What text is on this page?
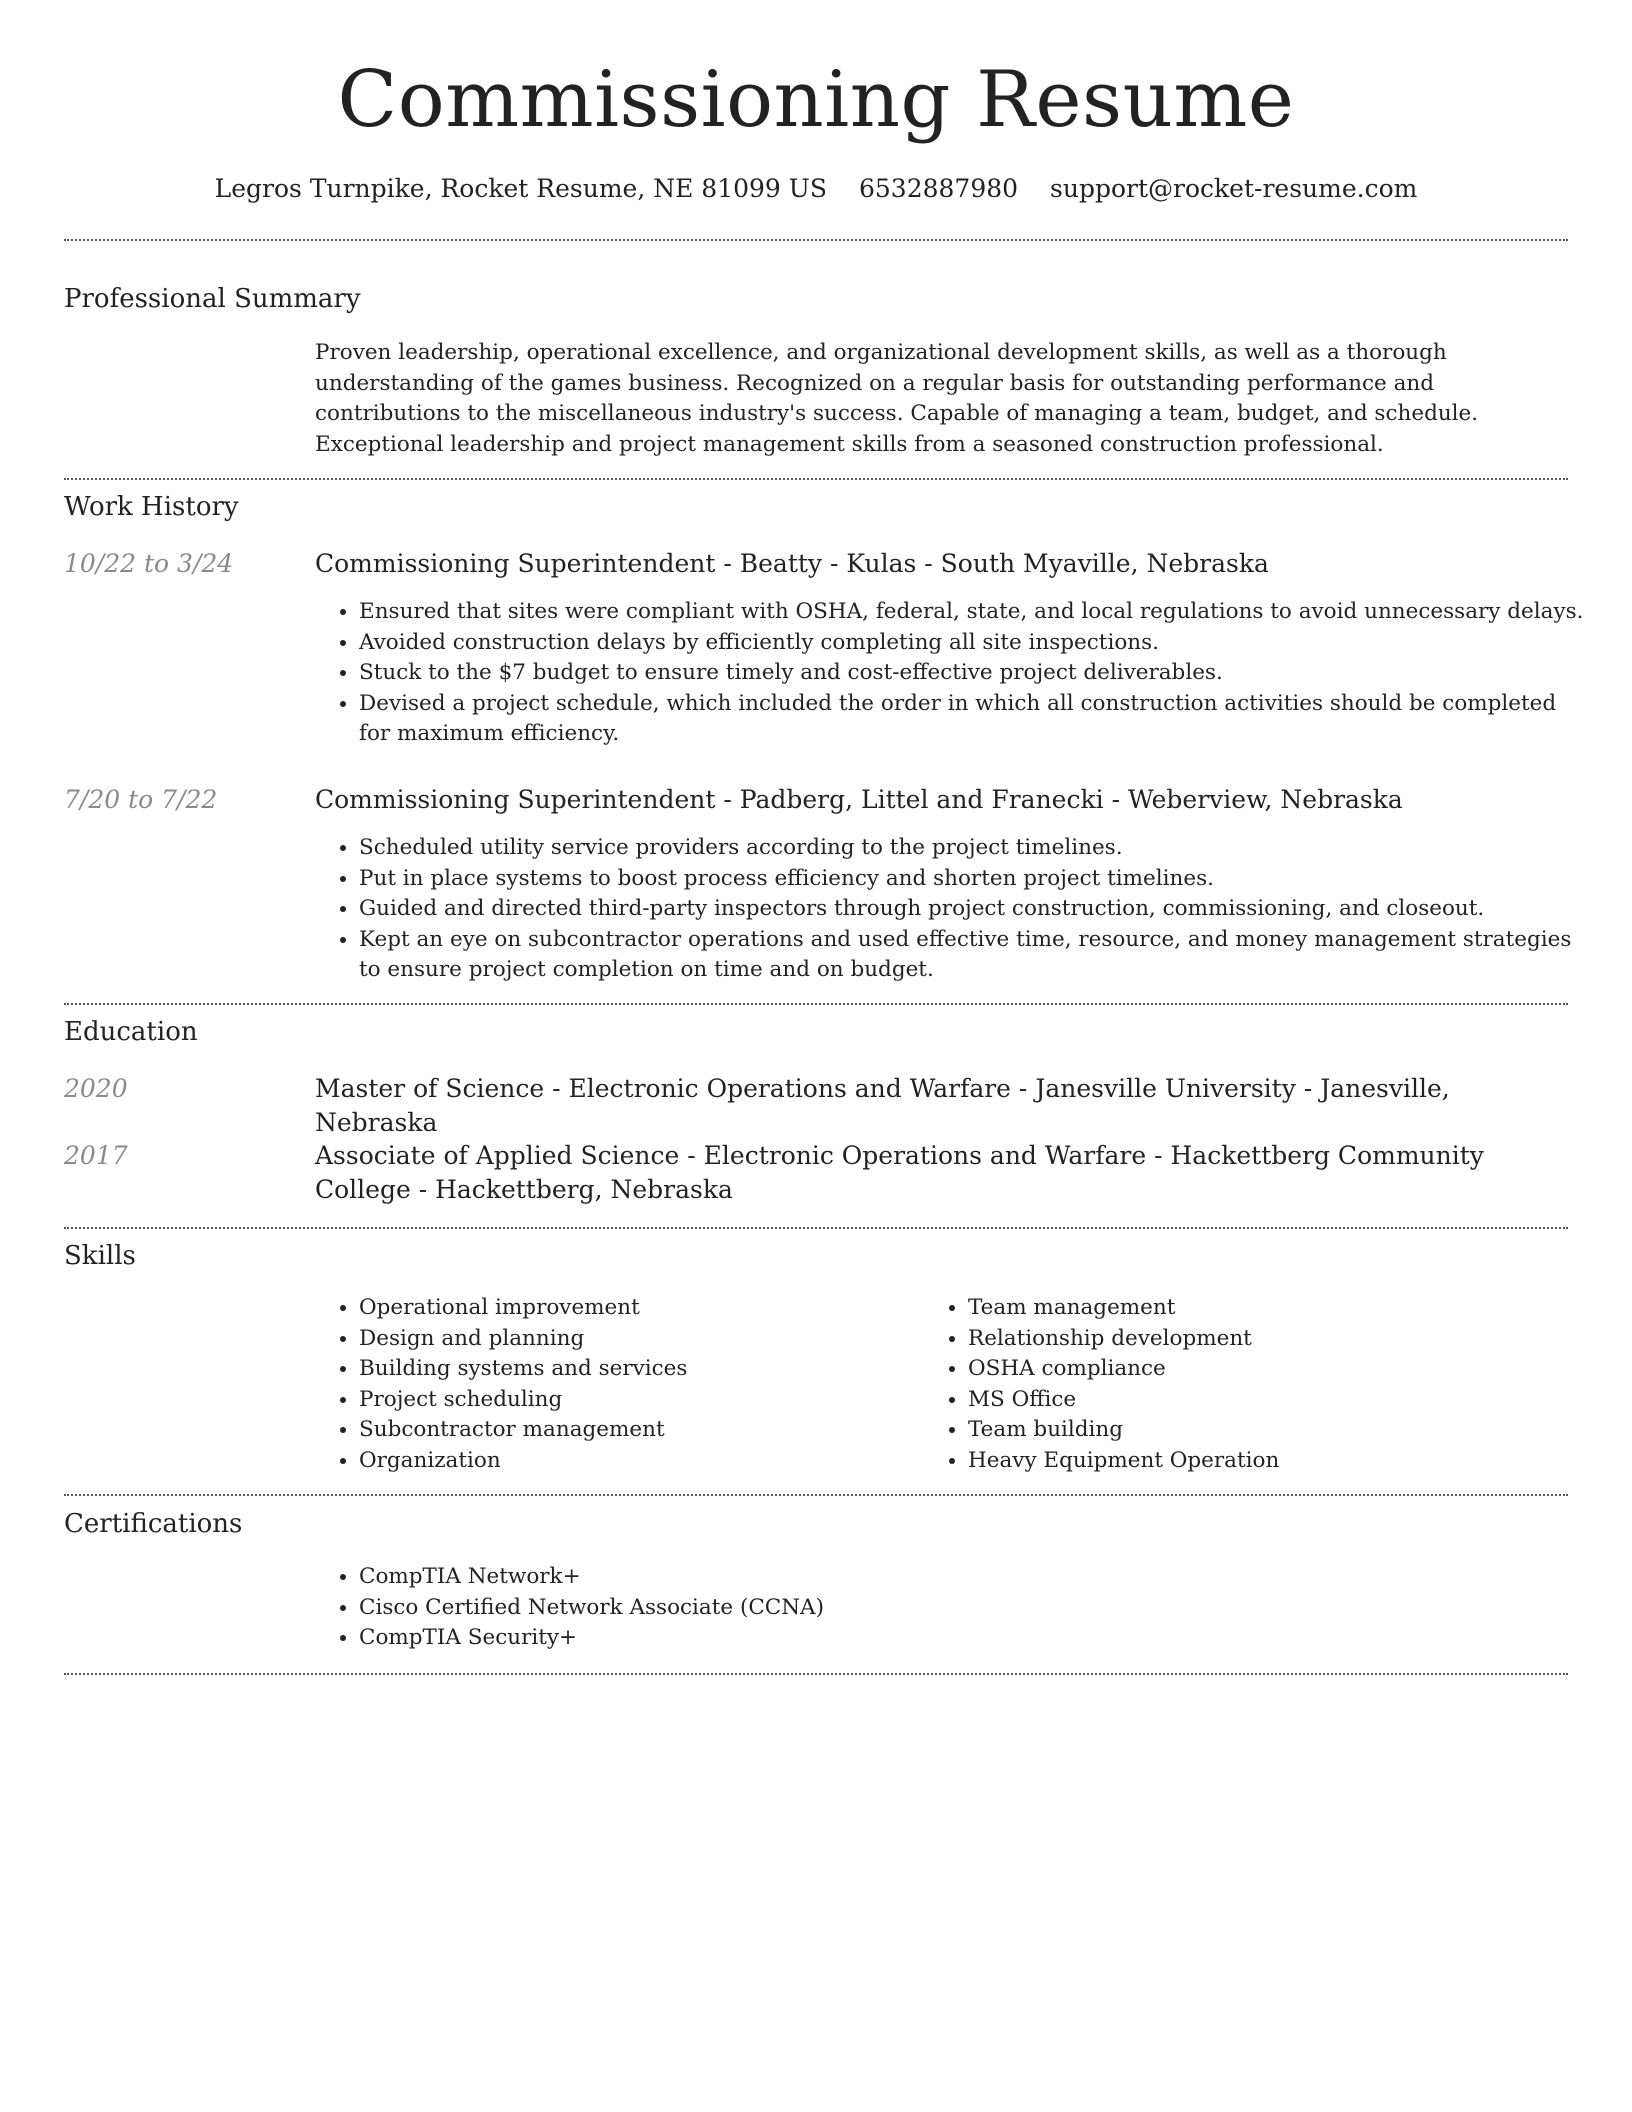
Commissioning Resume
Legros Turnpike, Rocket Resume, NE 81099 US 6532887980 support@rocket-resume.com
Professional Summary
Proven leadership, operational excellence, and organizational development skills, as well as a thorough understanding of the games business. Recognized on a regular basis for outstanding performance and contributions to the miscellaneous industry's success. Capable of managing a team, budget, and schedule. Exceptional leadership and project management skills from a seasoned construction professional.
Work History
10/22 to 3/24	Commissioning Superintendent - Beatty - Kulas - South Myaville, Nebraska
• Ensured that sites were compliant with OSHA, federal, state, and local regulations to avoid unnecessary delays.
• Avoided construction delays by efficiently completing all site inspections.
• Stuck to the $7 budget to ensure timely and cost-effective project deliverables.
• Devised a project schedule, which included the order in which all construction activities should be completed for maximum efficiency.
7/20 to 7/22	Commissioning Superintendent - Padberg, Littel and Franecki - Weberview, Nebraska
• Scheduled utility service providers according to the project timelines.
• Put in place systems to boost process efficiency and shorten project timelines.
• Guided and directed third-party inspectors through project construction, commissioning, and closeout.
• Kept an eye on subcontractor operations and used effective time, resource, and money management strategies to ensure project completion on time and on budget.
Education
2020	Master of Science - Electronic Operations and Warfare - Janesville University - Janesville, Nebraska
2017	Associate of Applied Science - Electronic Operations and Warfare - Hackettberg Community College - Hackettberg, Nebraska
Skills
• Operational improvement
• Design and planning
• Building systems and services
• Project scheduling
• Subcontractor management
• Organization
• Team management
• Relationship development
• OSHA compliance
• MS Office
• Team building
• Heavy Equipment Operation
Certifications
• CompTIA Network+
• Cisco Certified Network Associate (CCNA)
• CompTIA Security+
